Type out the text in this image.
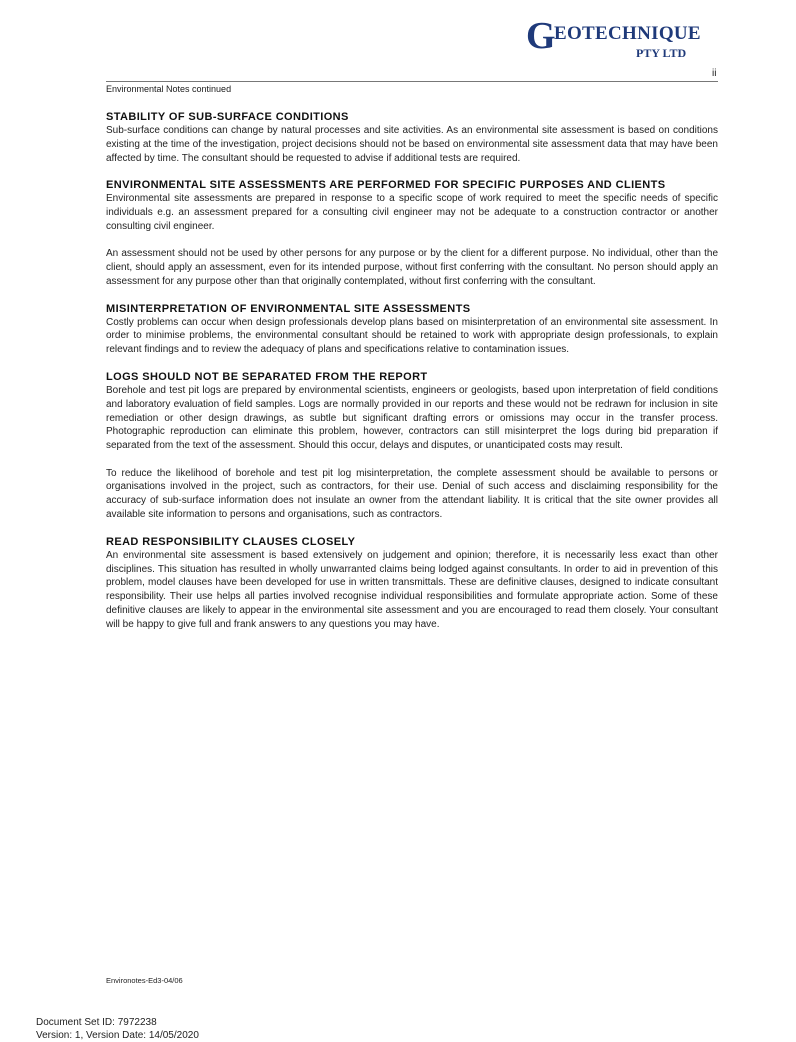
G
EOTECHNIQUE
PTY LTD
ii
Environmental Notes continued
STABILITY OF SUB-SURFACE CONDITIONS

Sub-surface conditions can change by natural processes and site activities. As an environmental site assessment is based on conditions existing at the time of the investigation, project decisions should not be based on environmental site assessment data that may have been affected by time. The consultant should be requested to advise if additional tests are required.

ENVIRONMENTAL SITE ASSESSMENTS ARE PERFORMED FOR SPECIFIC PURPOSES AND CLIENTS

Environmental site assessments are prepared in response to a specific scope of work required to meet the specific needs of specific individuals e.g. an assessment prepared for a consulting civil engineer may not be adequate to a construction contractor or another consulting civil engineer.

An assessment should not be used by other persons for any purpose or by the client for a different purpose. No individual, other than the client, should apply an assessment, even for its intended purpose, without first conferring with the consultant. No person should apply an assessment for any purpose other than that originally contemplated, without first conferring with the consultant.

MISINTERPRETATION OF ENVIRONMENTAL SITE ASSESSMENTS

Costly problems can occur when design professionals develop plans based on misinterpretation of an environmental site assessment. In order to minimise problems, the environmental consultant should be retained to work with appropriate design professionals, to explain relevant findings and to review the adequacy of plans and specifications relative to contamination issues.

LOGS SHOULD NOT BE SEPARATED FROM THE REPORT

Borehole and test pit logs are prepared by environmental scientists, engineers or geologists, based upon interpretation of field conditions and laboratory evaluation of field samples. Logs are normally provided in our reports and these would not be redrawn for inclusion in site remediation or other design drawings, as subtle but significant drafting errors or omissions may occur in the transfer process. Photographic reproduction can eliminate this problem, however, contractors can still misinterpret the logs during bid preparation if separated from the text of the assessment. Should this occur, delays and disputes, or unanticipated costs may result.

To reduce the likelihood of borehole and test pit log misinterpretation, the complete assessment should be available to persons or organisations involved in the project, such as contractors, for their use. Denial of such access and disclaiming responsibility for the accuracy of sub-surface information does not insulate an owner from the attendant liability. It is critical that the site owner provides all available site information to persons and organisations, such as contractors.

READ RESPONSIBILITY CLAUSES CLOSELY

An environmental site assessment is based extensively on judgement and opinion; therefore, it is necessarily less exact than other disciplines. This situation has resulted in wholly unwarranted claims being lodged against consultants. In order to aid in prevention of this problem, model clauses have been developed for use in written transmittals. These are definitive clauses, designed to indicate consultant responsibility. Their use helps all parties involved recognise individual responsibilities and formulate appropriate action. Some of these definitive clauses are likely to appear in the environmental site assessment and you are encouraged to read them closely. Your consultant will be happy to give full and frank answers to any questions you may have.

Environotes-Ed3-04/06
Document Set ID: 7972238
Version: 1, Version Date: 14/05/2020
